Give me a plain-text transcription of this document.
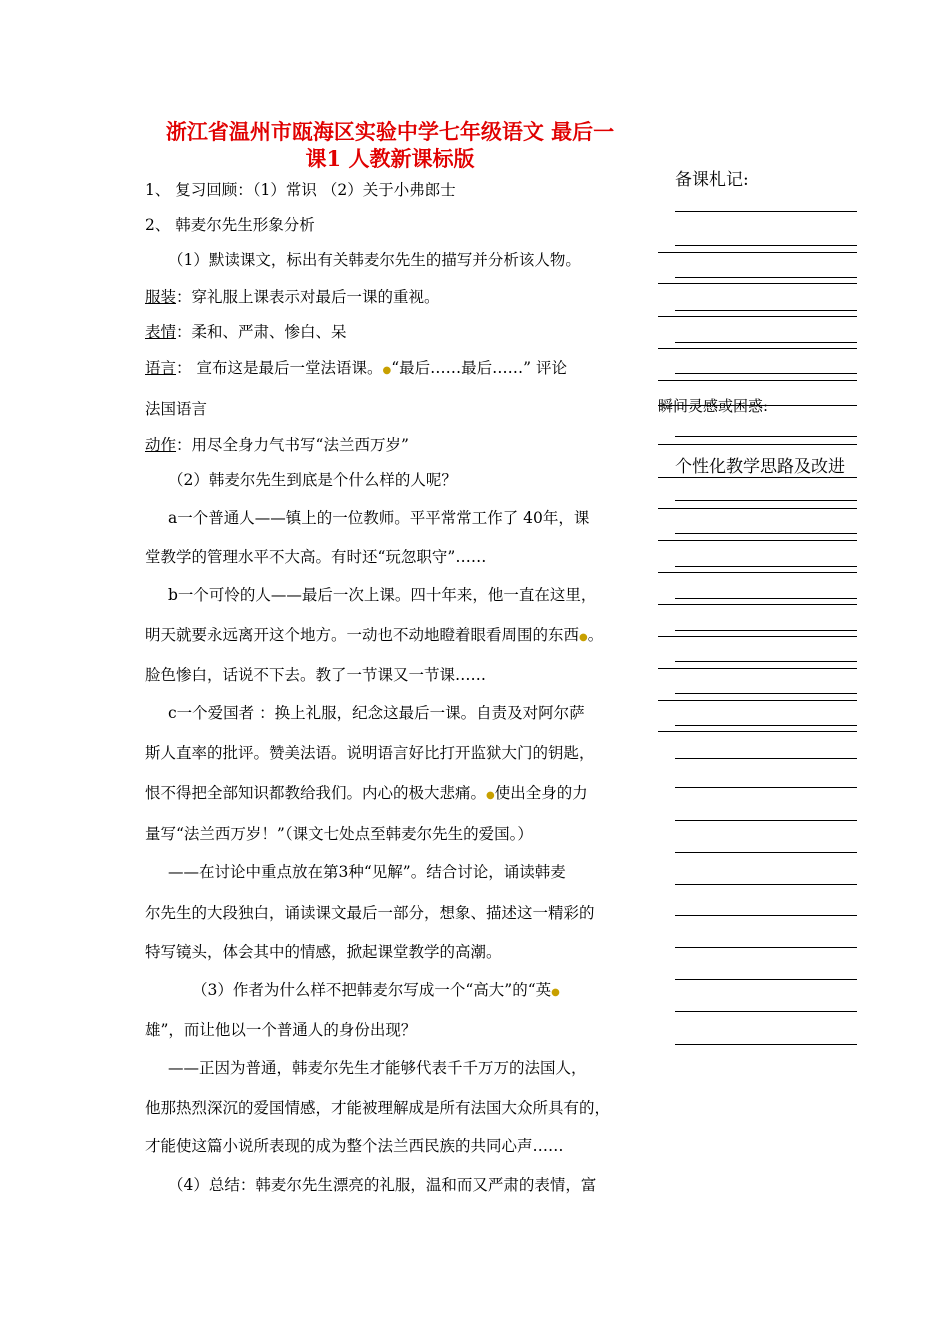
浙江省温州市瓯海区实验中学七年级语文 最后一
课1 人教新课标版
1、 复习回顾：（1）常识 （2）关于小弗郎士
2、 韩麦尔先生形象分析
（1）默读课文，标出有关韩麦尔先生的描写并分析该人物。
服装：穿礼服上课表示对最后一课的重视。
表情：柔和、严肃、惨白、呆
语言： 宣布这是最后一堂法语课。●“最后……最后……” 评论
法国语言
动作：用尽全身力气书写“法兰西万岁”
（2）韩麦尔先生到底是个什么样的人呢？
a一个普通人——镇上的一位教师。平平常常工作了 40年，课
堂教学的管理水平不大高。有时还“玩忽职守”……
b一个可怜的人——最后一次上课。四十年来，他一直在这里，
明天就要永远离开这个地方。一动也不动地瞪着眼看周围的东西●。
脸色惨白，话说不下去。教了一节课又一节课……
c一个爱国者 ：换上礼服，纪念这最后一课。自责及对阿尔萨
斯人直率的批评。赞美法语。说明语言好比打开监狱大门的钥匙，
恨不得把全部知识都教给我们。内心的极大悲痛。●使出全身的力
量写“法兰西万岁！”（课文七处点至韩麦尔先生的爱国。）
——在讨论中重点放在第3种“见解”。结合讨论，诵读韩麦
尔先生的大段独白，诵读课文最后一部分，想象、描述这一精彩的
特写镜头，体会其中的情感，掀起课堂教学的高潮。
（3）作者为什么样不把韩麦尔写成一个“高大”的“英●
雄”，而让他以一个普通人的身份出现？
——正因为普通，韩麦尔先生才能够代表千千万万的法国人，
他那热烈深沉的爱国情感，才能被理解成是所有法国大众所具有的，
才能使这篇小说所表现的成为整个法兰西民族的共同心声……
（4）总结：韩麦尔先生漂亮的礼服，温和而又严肃的表情，富
备课札记:
瞬间灵感或困惑:
个性化教学思路及改进
